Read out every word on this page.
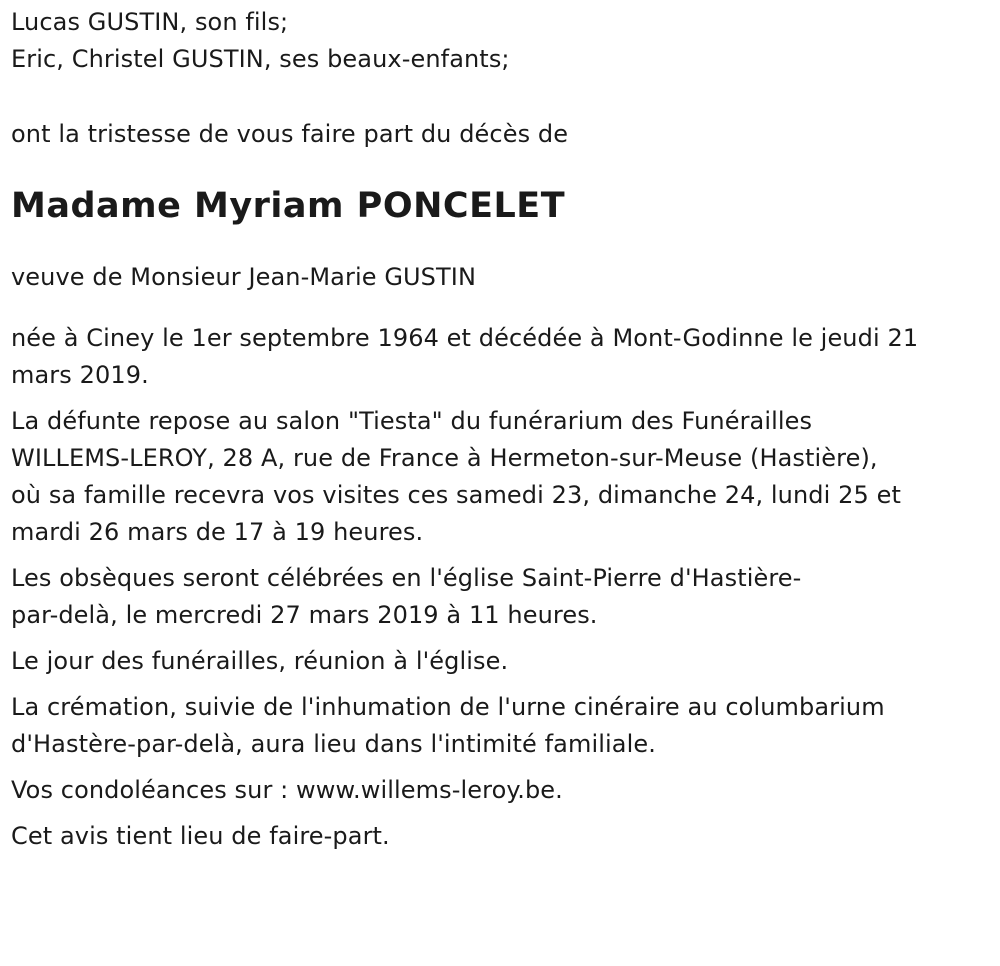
Lucas GUSTIN, son fils;

Eric, Christel GUSTIN, ses beaux-enfants;

ont la tristesse de vous faire part du décès de

Madame Myriam PONCELET

veuve de Monsieur Jean-Marie GUSTIN

née à Ciney le 1er septembre 1964 et décédée à Mont-Godinne le jeudi 21

mars 2019.

La défunte repose au salon "Tiesta" du funérarium des Funérailles

WILLEMS-LEROY, 28 A, rue de France à Hermeton-sur-Meuse (Hastière),

où sa famille recevra vos visites ces samedi 23, dimanche 24, lundi 25 et

mardi 26 mars de 17 à 19 heures.

Les obsèques seront célébrées en l'église Saint-Pierre d'Hastière-

par-delà, le mercredi 27 mars 2019 à 11 heures.

Le jour des funérailles, réunion à l'église.

La crémation, suivie de l'inhumation de l'urne cinéraire au columbarium

d'Hastère-par-delà, aura lieu dans l'intimité familiale.

Vos condoléances sur : www.willems-leroy.be.

Cet avis tient lieu de faire-part.
